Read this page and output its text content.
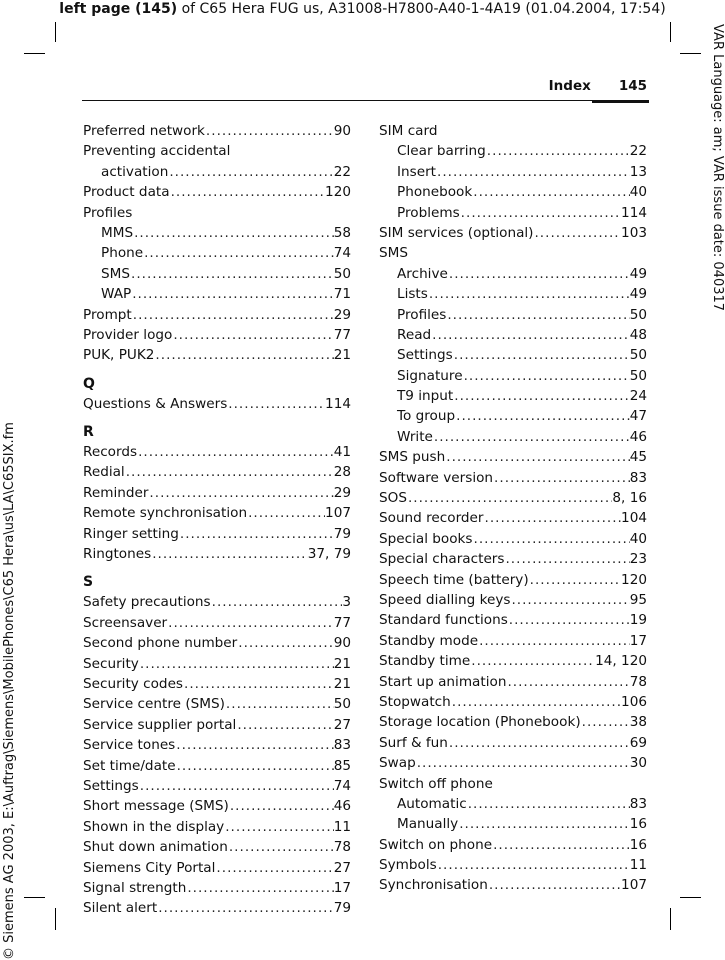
left page (145) of C65 Hera FUG us, A31008-H7800-A40-1-4A19 (01.04.2004, 17:54)
VAR Language: am; VAR issue date: 040317
© Siemens AG 2003, E:\Auftrag\Siemens\MobilePhones\C65 Hera\us\LA\C65SIX.fm
Index 145
Preferred network .....	90
Preventing accidental
activation .....	22
Product data .....	120
Profiles
MMS .....	58
Phone .....	74
SMS .....	50
WAP .....	71
Prompt .....	29
Provider logo .....	77
PUK, PUK2 .....	21
Q
Questions & Answers .....	114
R
Records .....	41
Redial .....	28
Reminder .....	29
Remote synchronisation .....	107
Ringer setting .....	79
Ringtones .....	37, 79
S
Safety precautions .....	3
Screensaver .....	77
Second phone number .....	90
Security .....	21
Security codes .....	21
Service centre (SMS) .....	50
Service supplier portal .....	27
Service tones .....	83
Set time/date .....	85
Settings .....	74
Short message (SMS) .....	46
Shown in the display .....	11
Shut down animation .....	78
Siemens City Portal .....	27
Signal strength .....	17
Silent alert .....	79
SIM card
Clear barring .....	22
Insert .....	13
Phonebook .....	40
Problems .....	114
SIM services (optional) .....	103
SMS
Archive .....	49
Lists .....	49
Profiles .....	50
Read .....	48
Settings .....	50
Signature .....	50
T9 input .....	24
To group .....	47
Write .....	46
SMS push .....	45
Software version .....	83
SOS .....	8, 16
Sound recorder .....	104
Special books .....	40
Special characters .....	23
Speech time (battery) .....	120
Speed dialling keys .....	95
Standard functions .....	19
Standby mode .....	17
Standby time .....	14, 120
Start up animation .....	78
Stopwatch .....	106
Storage location (Phonebook) .....	38
Surf & fun .....	69
Swap .....	30
Switch off phone
Automatic .....	83
Manually .....	16
Switch on phone .....	16
Symbols .....	11
Synchronisation .....	107
